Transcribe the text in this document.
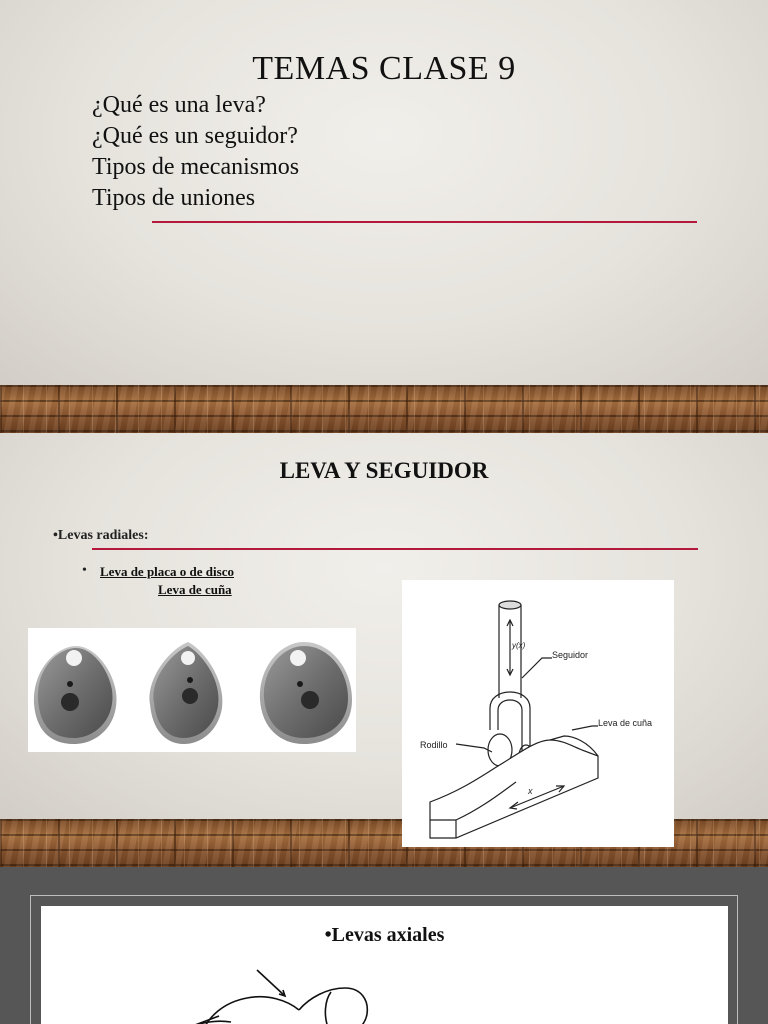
TEMAS CLASE 9
¿Qué es una leva?
¿Qué es un seguidor?
Tipos de mecanismos
Tipos de uniones
LEVA Y SEGUIDOR
•Levas radiales:
• Leva de placa o de disco
Leva de cuña
y(x)
Seguidor
Leva de cuña
Rodillo
x
•Levas axiales
